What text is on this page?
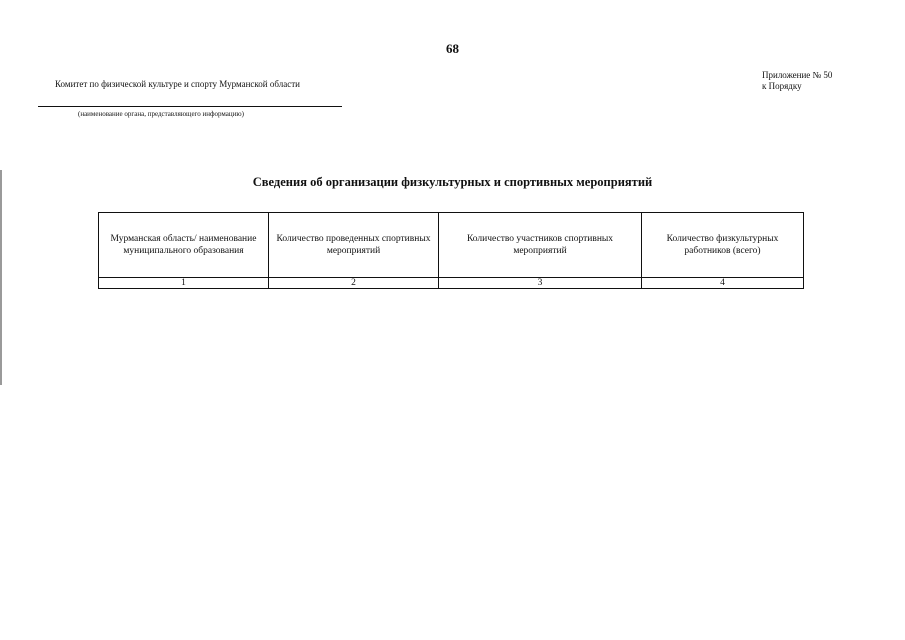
68
Комитет по физической культуре и спорту Мурманской области
(наименование органа, представляющего информацию)
Приложение № 50
к Порядку
Сведения об организации физкультурных и спортивных мероприятий
Мурманская область/ наименование муниципального образования	Количество проведенных спортивных мероприятий	Количество участников спортивных мероприятий	Количество физкультурных работников (всего)

1	2	3	4
